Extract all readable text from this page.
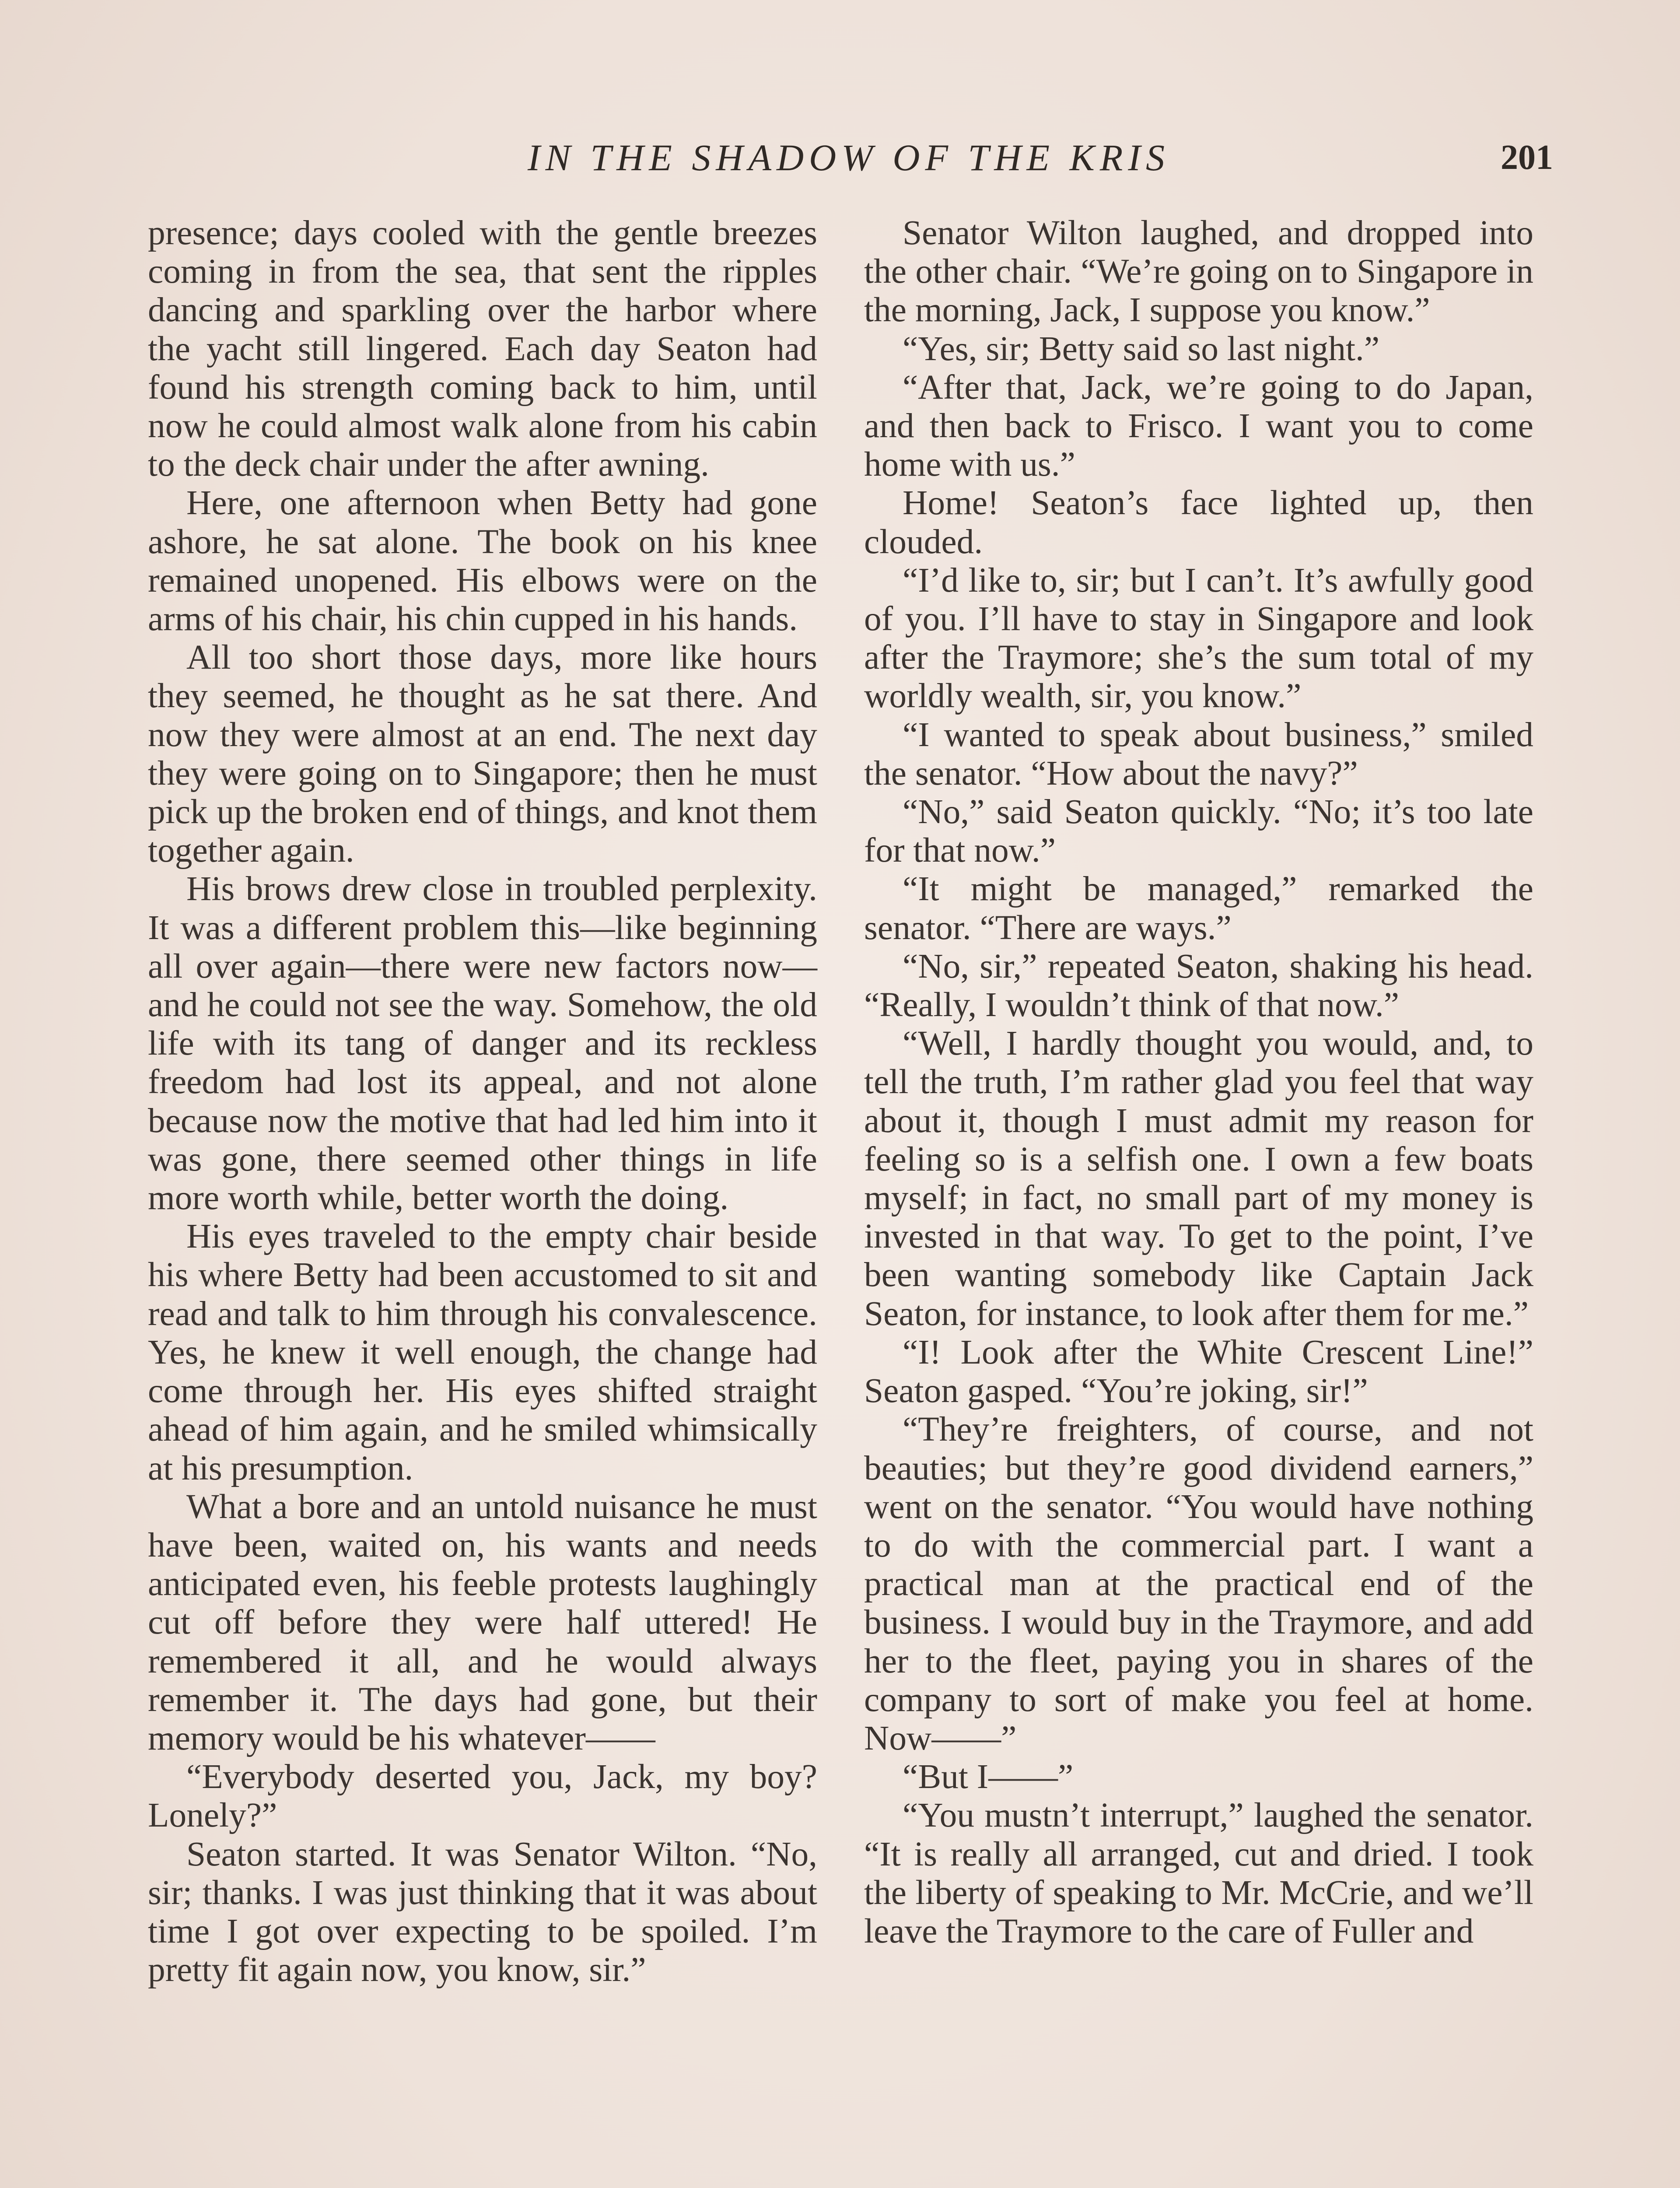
IN THE SHADOW OF THE KRIS	201

presence; days cooled with the gentle breezes coming in from the sea, that sent the ripples dancing and sparkling over the harbor where the yacht still lingered. Each day Seaton had found his strength coming back to him, until now he could almost walk alone from his cabin to the deck chair under the after awning.

Here, one afternoon when Betty had gone ashore, he sat alone. The book on his knee remained unopened. His elbows were on the arms of his chair, his chin cupped in his hands.

All too short those days, more like hours they seemed, he thought as he sat there. And now they were almost at an end. The next day they were going on to Singapore; then he must pick up the broken end of things, and knot them together again.

His brows drew close in troubled perplexity. It was a different problem this—like beginning all over again—there were new factors now—and he could not see the way. Somehow, the old life with its tang of danger and its reckless freedom had lost its appeal, and not alone because now the motive that had led him into it was gone, there seemed other things in life more worth while, better worth the doing.

His eyes traveled to the empty chair beside his where Betty had been accustomed to sit and read and talk to him through his convalescence. Yes, he knew it well enough, the change had come through her. His eyes shifted straight ahead of him again, and he smiled whimsically at his presumption.

What a bore and an untold nuisance he must have been, waited on, his wants and needs anticipated even, his feeble protests laughingly cut off before they were half uttered! He remembered it all, and he would always remember it. The days had gone, but their memory would be his whatever——

“Everybody deserted you, Jack, my boy? Lonely?”

Seaton started. It was Senator Wilton. “No, sir; thanks. I was just thinking that it was about time I got over expecting to be spoiled. I’m pretty fit again now, you know, sir.”

Senator Wilton laughed, and dropped into the other chair. “We’re going on to Singapore in the morning, Jack, I suppose you know.”

“Yes, sir; Betty said so last night.”

“After that, Jack, we’re going to do Japan, and then back to Frisco. I want you to come home with us.”

Home! Seaton’s face lighted up, then clouded.

“I’d like to, sir; but I can’t. It’s awfully good of you. I’ll have to stay in Singapore and look after the Traymore; she’s the sum total of my worldly wealth, sir, you know.”

“I wanted to speak about business,” smiled the senator. “How about the navy?”

“No,” said Seaton quickly. “No; it’s too late for that now.”

“It might be managed,” remarked the senator. “There are ways.”

“No, sir,” repeated Seaton, shaking his head. “Really, I wouldn’t think of that now.”

“Well, I hardly thought you would, and, to tell the truth, I’m rather glad you feel that way about it, though I must admit my reason for feeling so is a selfish one. I own a few boats myself; in fact, no small part of my money is invested in that way. To get to the point, I’ve been wanting somebody like Captain Jack Seaton, for instance, to look after them for me.”

“I! Look after the White Crescent Line!” Seaton gasped. “You’re joking, sir!”

“They’re freighters, of course, and not beauties; but they’re good dividend earners,” went on the senator. “You would have nothing to do with the commercial part. I want a practical man at the practical end of the business. I would buy in the Traymore, and add her to the fleet, paying you in shares of the company to sort of make you feel at home. Now——”

“But I——”

“You mustn’t interrupt,” laughed the senator. “It is really all arranged, cut and dried. I took the liberty of speaking to Mr. McCrie, and we’ll leave the Traymore to the care of Fuller and
